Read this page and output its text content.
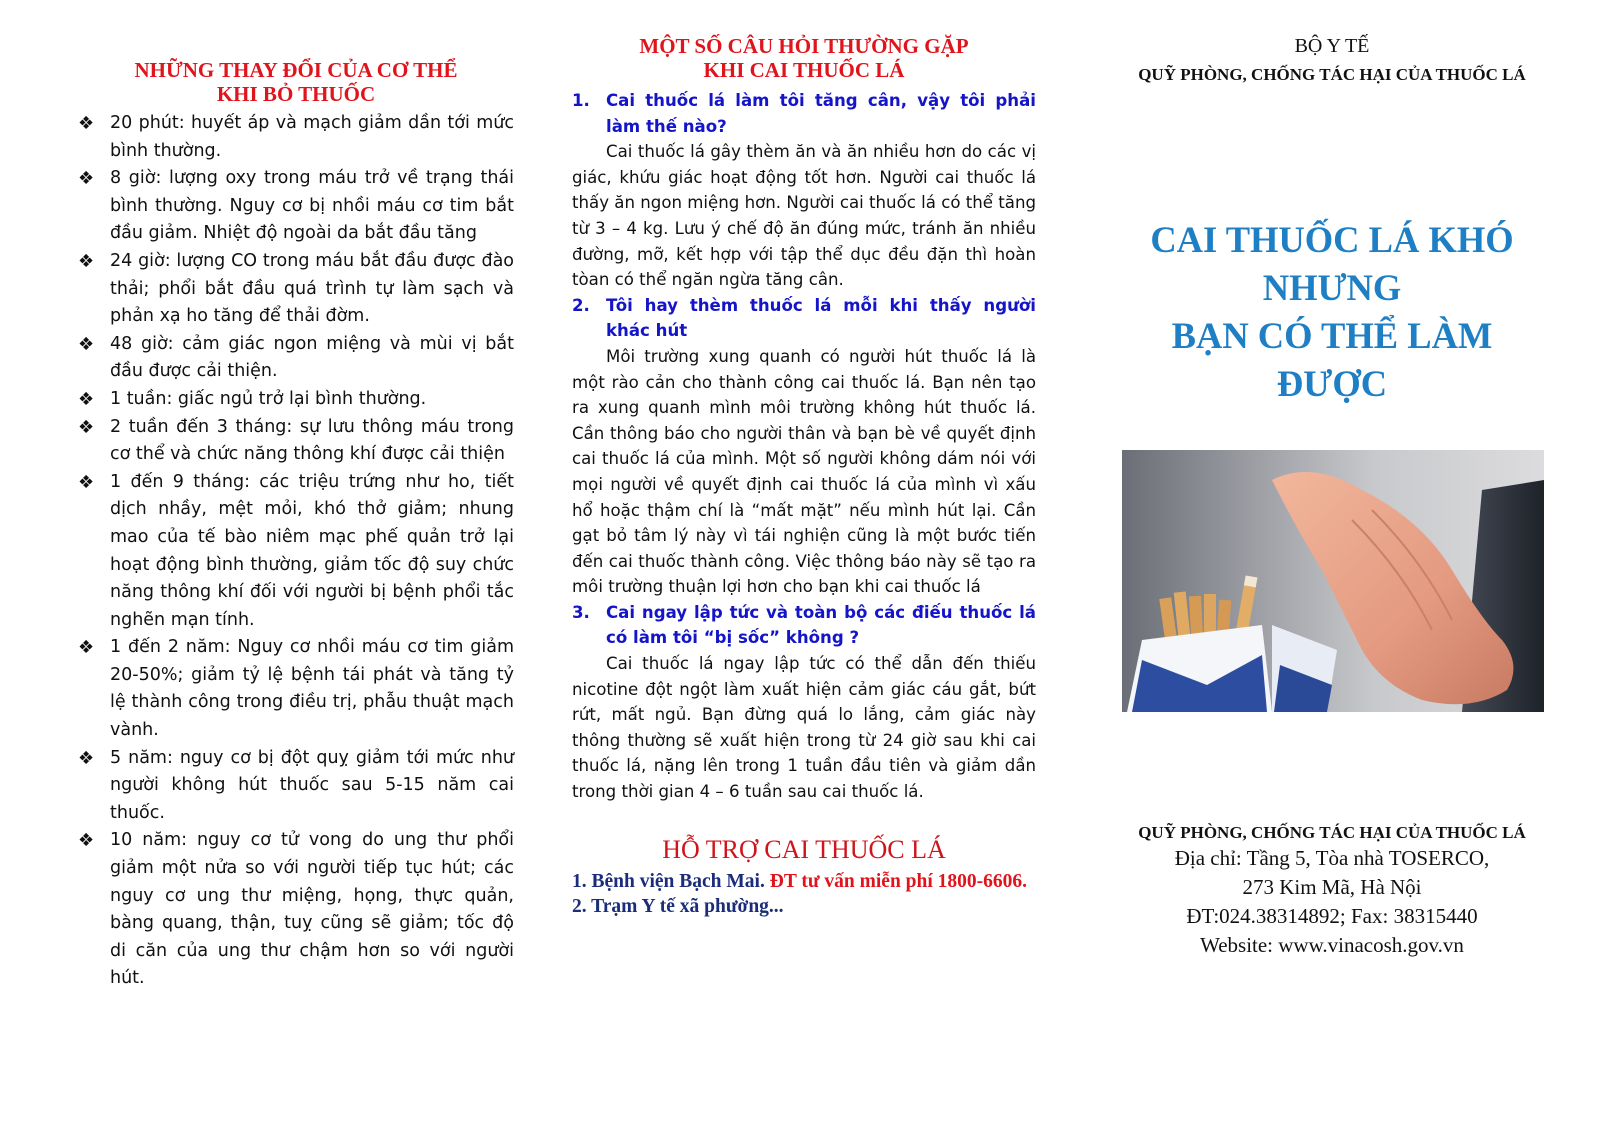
NHỮNG THAY ĐỔI CỦA CƠ THỂ
KHI BỎ THUỐC
❖ 20 phút: huyết áp và mạch giảm dần tới mức bình thường.
❖ 8 giờ: lượng oxy trong máu trở về trạng thái bình thường. Nguy cơ bị nhồi máu cơ tim bắt đầu giảm. Nhiệt độ ngoài da bắt đầu tăng
❖ 24 giờ: lượng CO trong máu bắt đầu được đào thải; phổi bắt đầu quá trình tự làm sạch và phản xạ ho tăng để thải đờm.
❖ 48 giờ: cảm giác ngon miệng và mùi vị bắt đầu được cải thiện.
❖ 1 tuần: giấc ngủ trở lại bình thường.
❖ 2 tuần đến 3 tháng: sự lưu thông máu trong cơ thể và chức năng thông khí được cải thiện
❖ 1 đến 9 tháng: các triệu trứng như ho, tiết dịch nhầy, mệt mỏi, khó thở giảm; nhung mao của tế bào niêm mạc phế quản trở lại hoạt động bình thường, giảm tốc độ suy chức năng thông khí đối với người bị bệnh phổi tắc nghẽn mạn tính.
❖ 1 đến 2 năm: Nguy cơ nhồi máu cơ tim giảm 20-50%; giảm tỷ lệ bệnh tái phát và tăng tỷ lệ thành công trong điều trị, phẫu thuật mạch vành.
❖ 5 năm: nguy cơ bị đột quỵ giảm tới mức như người không hút thuốc sau 5-15 năm cai thuốc.
❖ 10 năm: nguy cơ tử vong do ung thư phổi giảm một nửa so với người tiếp tục hút; các nguy cơ ung thư miệng, họng, thực quản, bàng quang, thận, tuỵ cũng sẽ giảm; tốc độ di căn của ung thư chậm hơn so với người hút.
MỘT SỐ CÂU HỎI THƯỜNG GẶP
KHI CAI THUỐC LÁ
1. Cai thuốc lá làm tôi tăng cân, vậy tôi phải làm thế nào?

Cai thuốc lá gây thèm ăn và ăn nhiều hơn do các vị giác, khứu giác hoạt động tốt hơn. Người cai thuốc lá thấy ăn ngon miệng hơn. Người cai thuốc lá có thể tăng từ 3 – 4 kg. Lưu ý chế độ ăn đúng mức, tránh ăn nhiều đường, mỡ, kết hợp với tập thể dục đều đặn thì hoàn tòan có thể ngăn ngừa tăng cân.

2. Tôi hay thèm thuốc lá mỗi khi thấy người khác hút

Môi trường xung quanh có người hút thuốc lá là một rào cản cho thành công cai thuốc lá. Bạn nên tạo ra xung quanh mình môi trường không hút thuốc lá. Cần thông báo cho người thân và bạn bè về quyết định cai thuốc lá của mình. Một số người không dám nói với mọi người về quyết định cai thuốc lá của mình vì xấu hổ hoặc thậm chí là “mất mặt” nếu mình hút lại. Cần gạt bỏ tâm lý này vì tái nghiện cũng là một bước tiến đến cai thuốc thành công. Việc thông báo này sẽ tạo ra môi trường thuận lợi hơn cho bạn khi cai thuốc lá

3. Cai ngay lập tức và toàn bộ các điếu thuốc lá có làm tôi “bị sốc” không ?

Cai thuốc lá ngay lập tức có thể dẫn đến thiếu nicotine đột ngột làm xuất hiện cảm giác cáu gắt, bứt rứt, mất ngủ. Bạn đừng quá lo lắng, cảm giác này thông thường sẽ xuất hiện trong từ 24 giờ sau khi cai thuốc lá, nặng lên trong 1 tuần đầu tiên và giảm dần trong thời gian 4 – 6 tuần sau cai thuốc lá.

HỖ TRỢ CAI THUỐC LÁ

1. Bệnh viện Bạch Mai. ĐT tư vấn miễn phí 1800-6606.

2. Trạm Y tế xã phường...

BỘ Y TẾ

QUỸ PHÒNG, CHỐNG TÁC HẠI CỦA THUỐC LÁ

CAI THUỐC LÁ KHÓ
NHƯNG
BẠN CÓ THỂ LÀM ĐƯỢC

QUỸ PHÒNG, CHỐNG TÁC HẠI CỦA THUỐC LÁ

Địa chỉ: Tầng 5, Tòa nhà TOSERCO,

273 Kim Mã, Hà Nội

ĐT:024.38314892; Fax: 38315440

Website: www.vinacosh.gov.vn
